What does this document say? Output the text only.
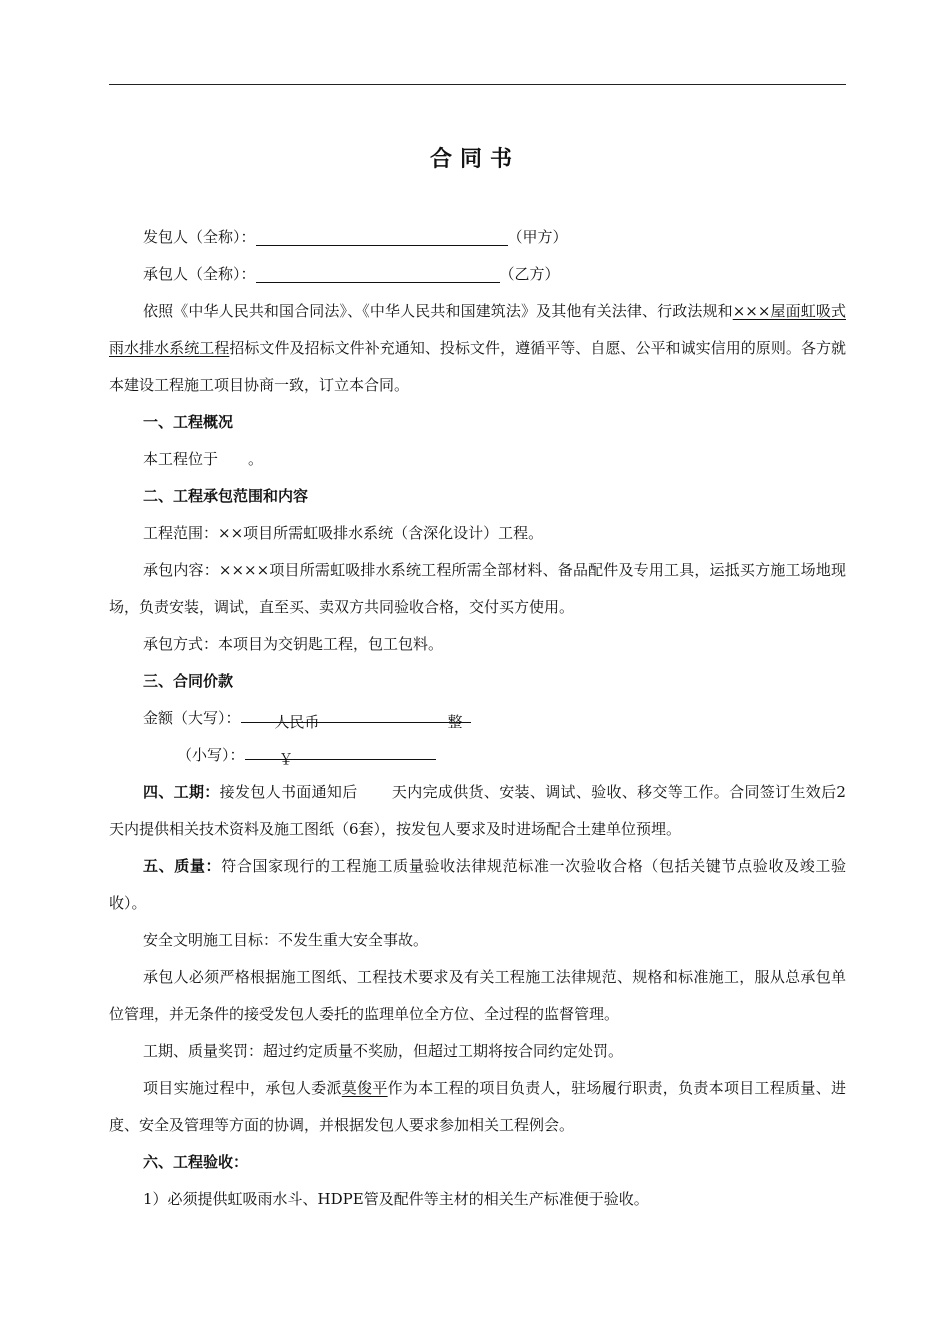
合同书

发包人（全称）：	（甲方）

承包人（全称）：	（乙方）

依照《中华人民共和国合同法》、《中华人民共和国建筑法》及其他有关法律、行政法规和×××屋面虹吸式雨水排水系统工程招标文件及招标文件补充通知、投标文件，遵循平等、自愿、公平和诚实信用的原则。各方就本建设工程施工项目协商一致，订立本合同。

一、工程概况

本工程位于　　。

二、工程承包范围和内容

工程范围：××项目所需虹吸排水系统（含深化设计）工程。

承包内容：××××项目所需虹吸排水系统工程所需全部材料、备品配件及专用工具，运抵买方施工场地现场，负责安装，调试，直至买、卖双方共同验收合格，交付买方使用。

承包方式：本项目为交钥匙工程，包工包料。

三、合同价款

金额（大写）： 人民币	整

（小写）： ￥

四、工期：接发包人书面通知后 天内完成供货、安装、调试、验收、移交等工作。合同签订生效后2天内提供相关技术资料及施工图纸（6套），按发包人要求及时进场配合土建单位预埋。

五、质量：符合国家现行的工程施工质量验收法律规范标准一次验收合格（包括关键节点验收及竣工验收）。

安全文明施工目标：不发生重大安全事故。

承包人必须严格根据施工图纸、工程技术要求及有关工程施工法律规范、规格和标准施工，服从总承包单位管理，并无条件的接受发包人委托的监理单位全方位、全过程的监督管理。

工期、质量奖罚：超过约定质量不奖励，但超过工期将按合同约定处罚。

项目实施过程中，承包人委派莫俊平作为本工程的项目负责人，驻场履行职责，负责本项目工程质量、进度、安全及管理等方面的协调，并根据发包人要求参加相关工程例会。

六、工程验收：

1）必须提供虹吸雨水斗、HDPE管及配件等主材的相关生产标准便于验收。
